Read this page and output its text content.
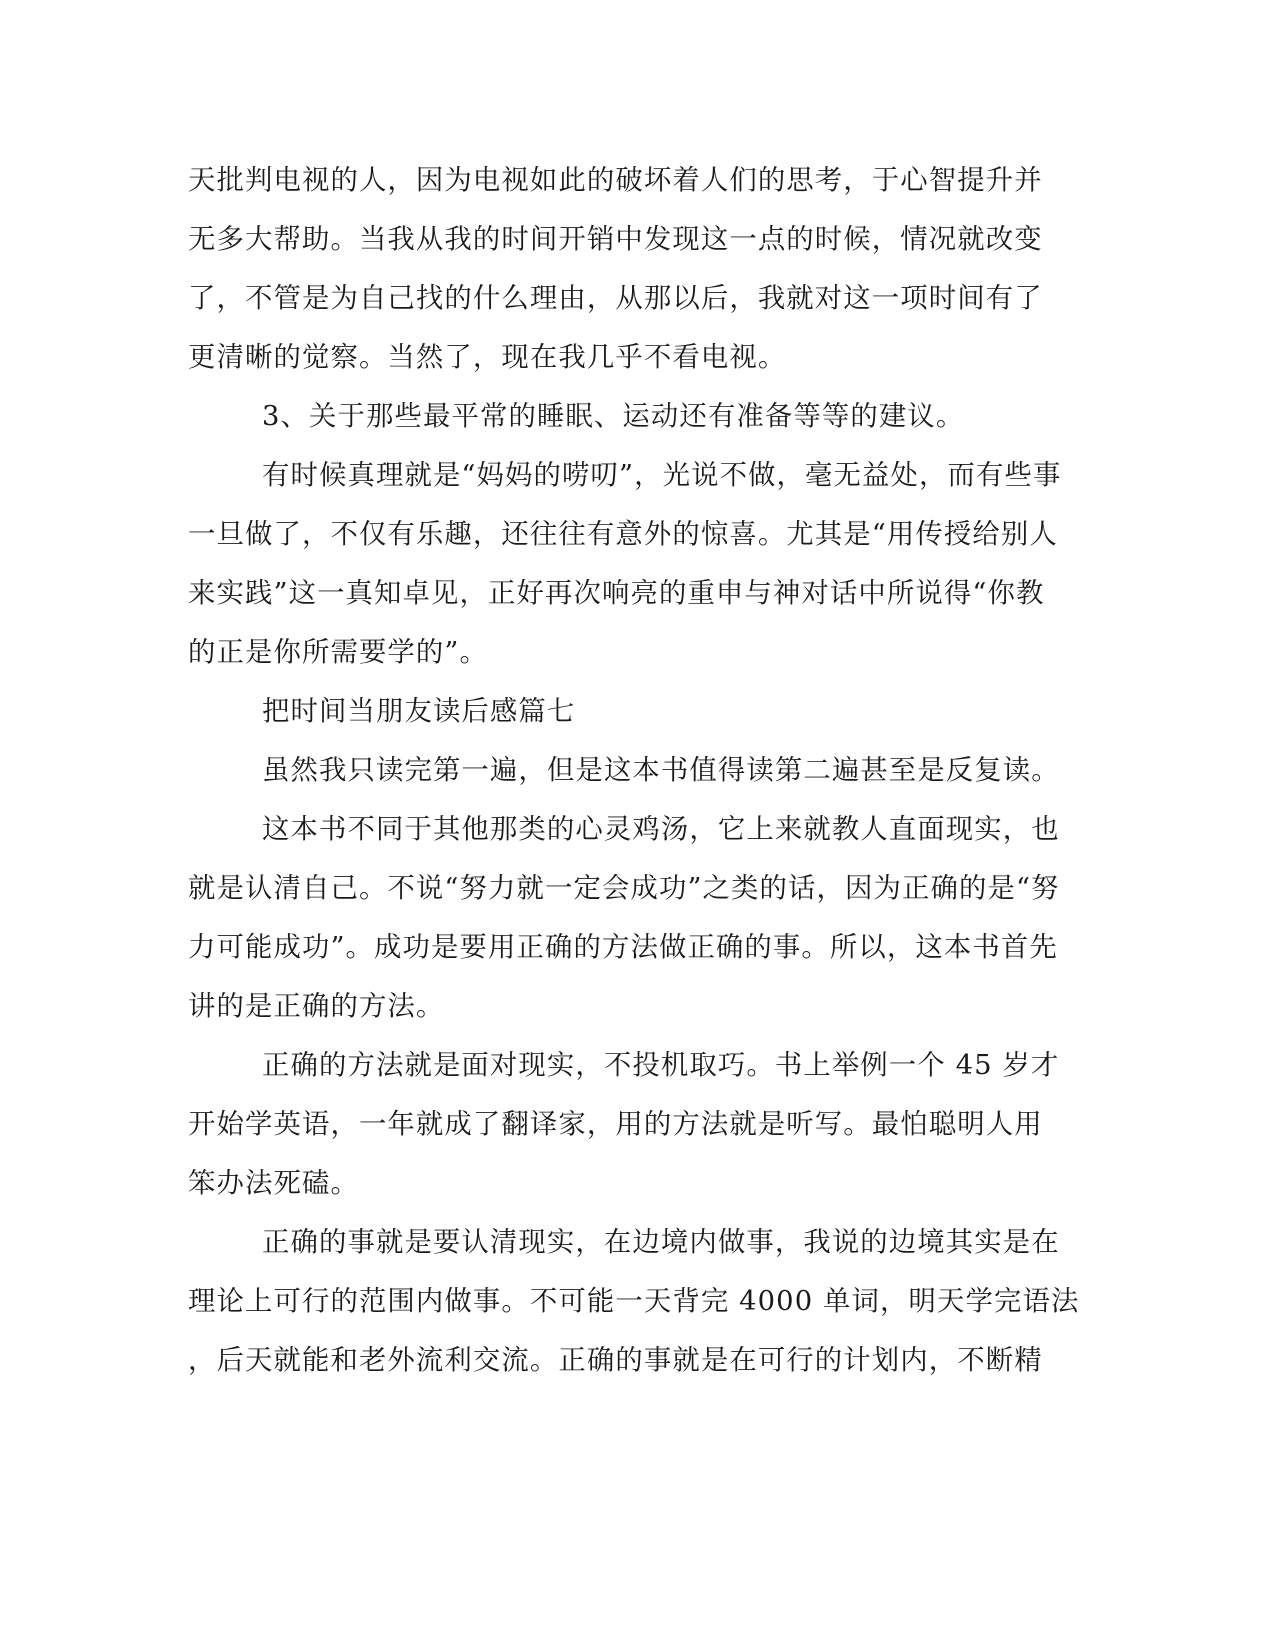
天批判电视的人，因为电视如此的破坏着人们的思考，于心智提升并
无多大帮助。当我从我的时间开销中发现这一点的时候，情况就改变
了，不管是为自己找的什么理由，从那以后，我就对这一项时间有了
更清晰的觉察。当然了，现在我几乎不看电视。
3、关于那些最平常的睡眠、运动还有准备等等的建议。
有时候真理就是“妈妈的唠叨”，光说不做，毫无益处，而有些事
一旦做了，不仅有乐趣，还往往有意外的惊喜。尤其是“用传授给别人
来实践”这一真知卓见，正好再次响亮的重申与神对话中所说得“你教
的正是你所需要学的”。
把时间当朋友读后感篇七
虽然我只读完第一遍，但是这本书值得读第二遍甚至是反复读。
这本书不同于其他那类的心灵鸡汤，它上来就教人直面现实，也
就是认清自己。不说“努力就一定会成功”之类的话，因为正确的是“努
力可能成功”。成功是要用正确的方法做正确的事。所以，这本书首先
讲的是正确的方法。
正确的方法就是面对现实，不投机取巧。书上举例一个 45 岁才
开始学英语，一年就成了翻译家，用的方法就是听写。最怕聪明人用
笨办法死磕。
正确的事就是要认清现实，在边境内做事，我说的边境其实是在
理论上可行的范围内做事。不可能一天背完 4000 单词，明天学完语法
，后天就能和老外流利交流。正确的事就是在可行的计划内，不断精
